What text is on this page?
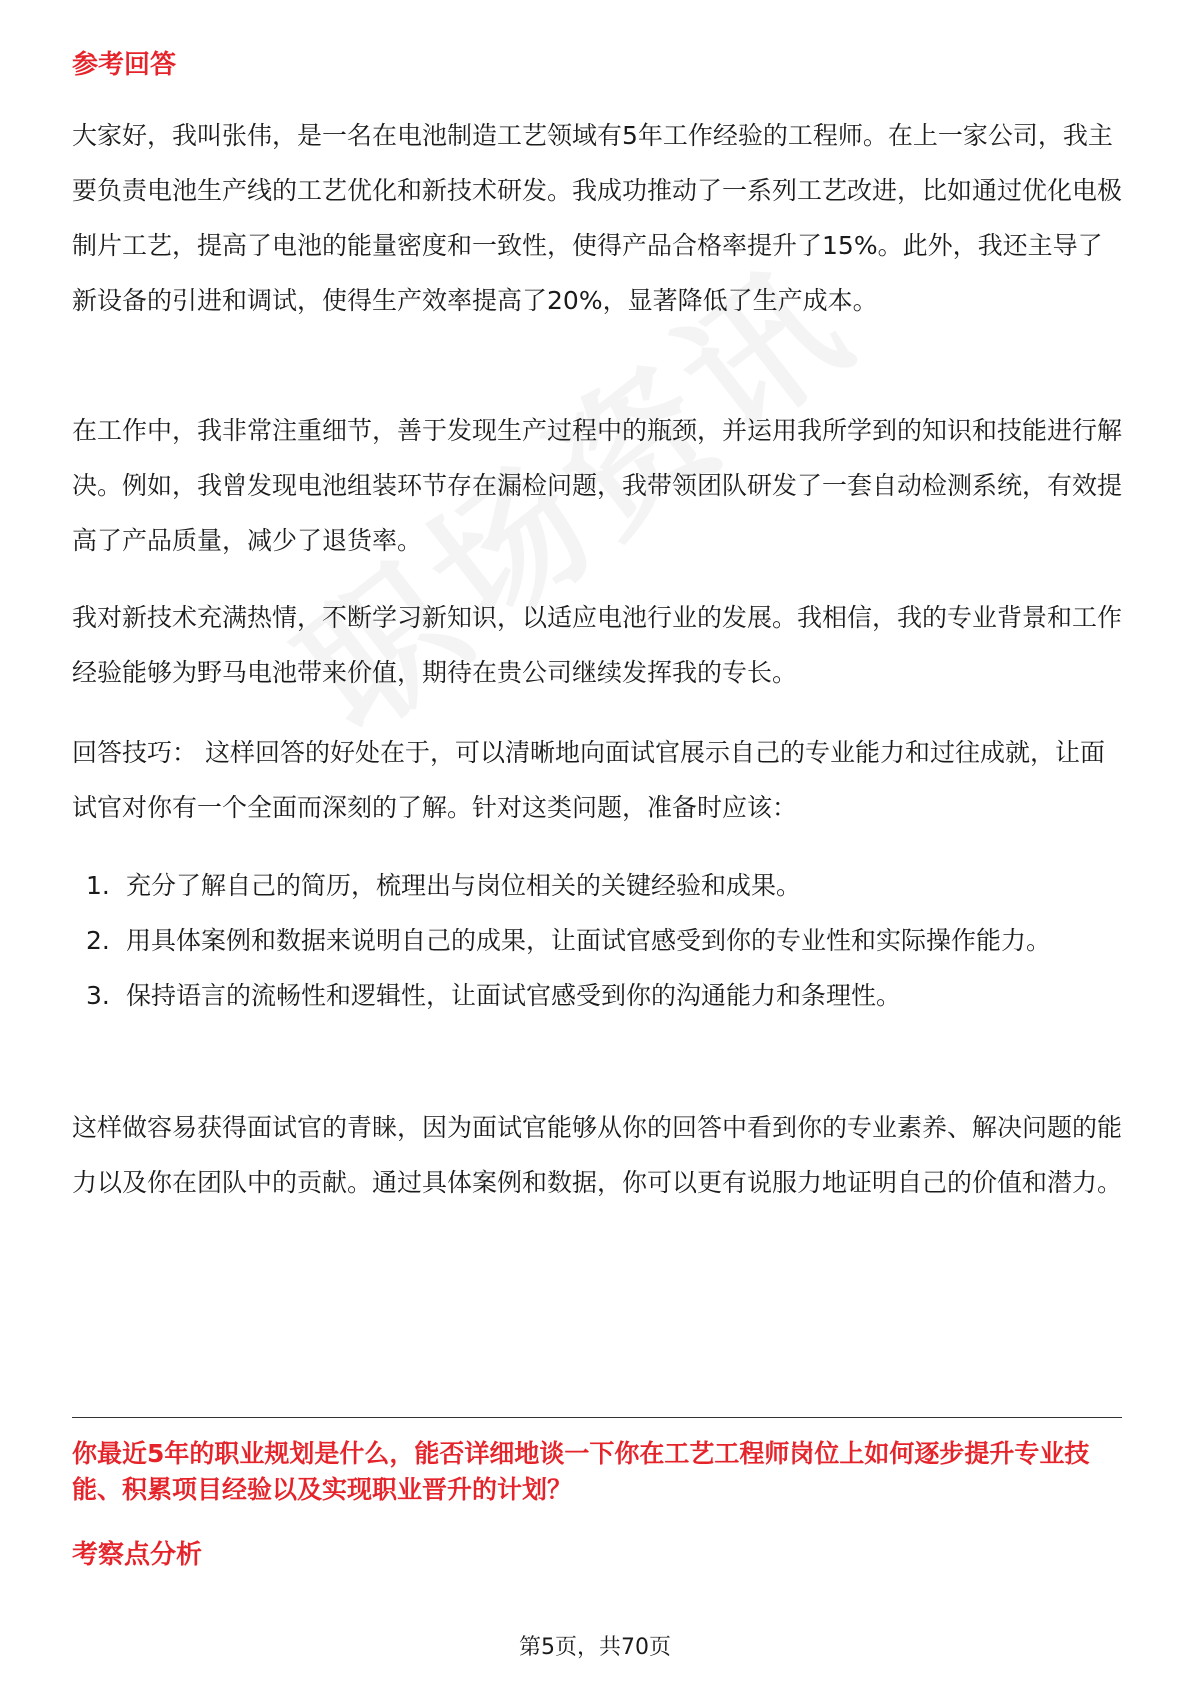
参考回答

大家好，我叫张伟，是一名在电池制造工艺领域有5年工作经验的工程师。在上一家公司，我主要负责电池生产线的工艺优化和新技术研发。我成功推动了一系列工艺改进，比如通过优化电极制片工艺，提高了电池的能量密度和一致性，使得产品合格率提升了15%。此外，我还主导了新设备的引进和调试，使得生产效率提高了20%，显著降低了生产成本。

在工作中，我非常注重细节，善于发现生产过程中的瓶颈，并运用我所学到的知识和技能进行解决。例如，我曾发现电池组装环节存在漏检问题，我带领团队研发了一套自动检测系统，有效提高了产品质量，减少了退货率。

我对新技术充满热情，不断学习新知识，以适应电池行业的发展。我相信，我的专业背景和工作经验能够为野马电池带来价值，期待在贵公司继续发挥我的专长。

回答技巧： 这样回答的好处在于，可以清晰地向面试官展示自己的专业能力和过往成就，让面试官对你有一个全面而深刻的了解。针对这类问题，准备时应该：

1. 充分了解自己的简历，梳理出与岗位相关的关键经验和成果。
2. 用具体案例和数据来说明自己的成果，让面试官感受到你的专业性和实际操作能力。
3. 保持语言的流畅性和逻辑性，让面试官感受到你的沟通能力和条理性。

这样做容易获得面试官的青睐，因为面试官能够从你的回答中看到你的专业素养、解决问题的能力以及你在团队中的贡献。通过具体案例和数据，你可以更有说服力地证明自己的价值和潜力。

你最近5年的职业规划是什么，能否详细地谈一下你在工艺工程师岗位上如何逐步提升专业技能、积累项目经验以及实现职业晋升的计划？

考察点分析
第5页，共70页
